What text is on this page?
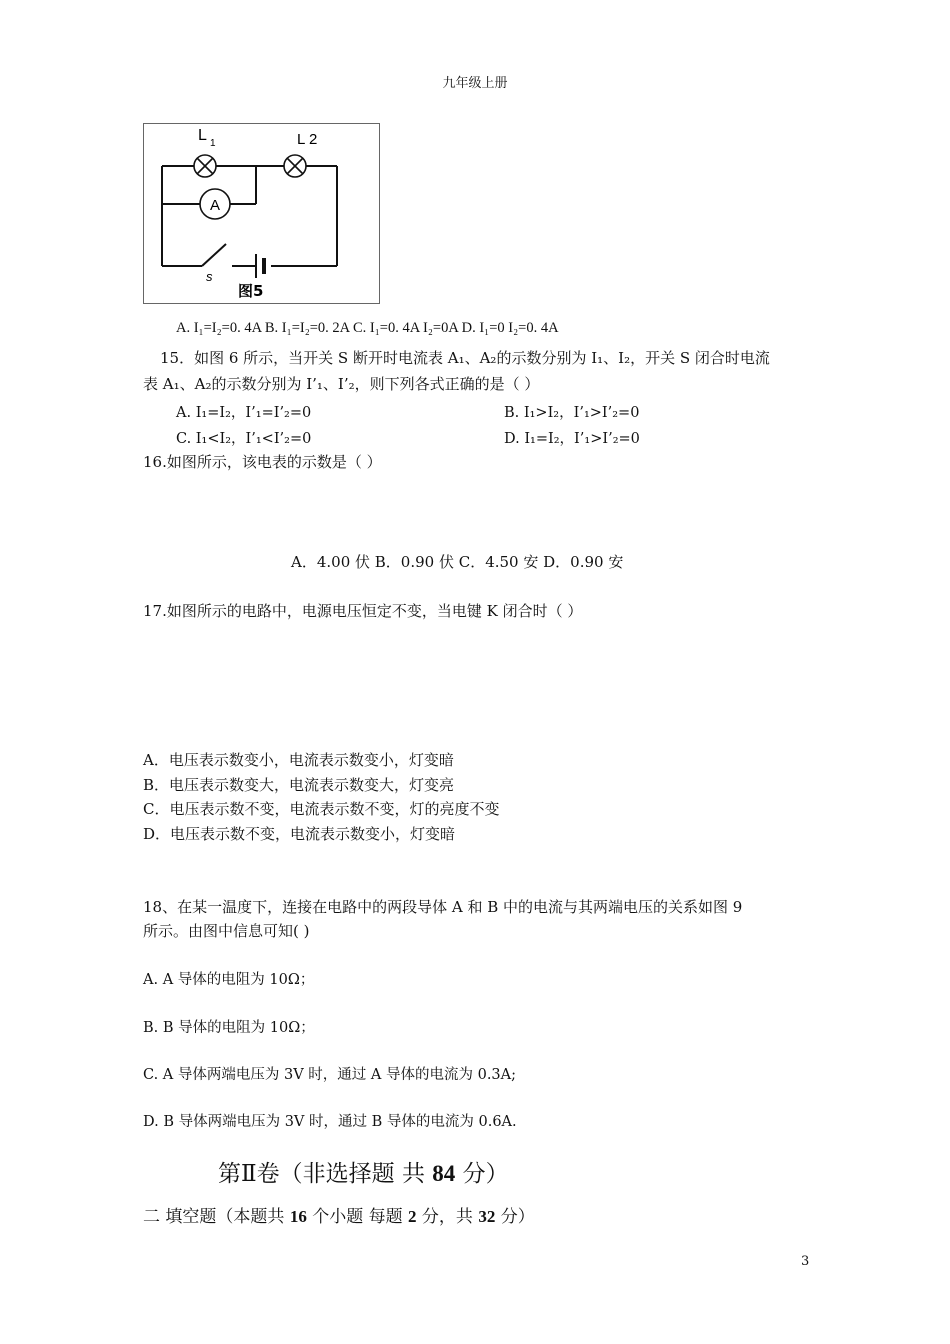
九年级上册
A
L 1	L 2
s
图5
A. I₁=I₂=0. 4A B. I₁=I₂=0. 2A C. I₁=0. 4A I₂=0A D. I₁=0 I₂=0. 4A
15．如图 6 所示，当开关 S 断开时电流表 A₁、A₂的示数分别为 I₁、I₂，开关 S 闭合时电流
表 A₁、A₂的示数分别为 I’₁、I’₂，则下列各式正确的是（ ）
A. I₁=I₂，I’₁=I’₂=0	B. I₁>I₂，I’₁>I’₂=0
C. I₁<I₂，I’₁<I’₂=0	D. I₁=I₂，I’₁>I’₂=0
16.如图所示，该电表的示数是（ ）
A．4.00 伏 B．0.90 伏 C．4.50 安 D．0.90 安
17.如图所示的电路中，电源电压恒定不变，当电键 K 闭合时（ ）
A．电压表示数变小，电流表示数变小，灯变暗
B．电压表示数变大，电流表示数变大，灯变亮
C．电压表示数不变，电流表示数不变，灯的亮度不变
D．电压表示数不变，电流表示数变小，灯变暗
18、在某一温度下，连接在电路中的两段导体 A 和 B 中的电流与其两端电压的关系如图 9
所示。由图中信息可知( )
A. A 导体的电阻为 10Ω；
B. B 导体的电阻为 10Ω；
C. A 导体两端电压为 3V 时，通过 A 导体的电流为 0.3A;
D. B 导体两端电压为 3V 时，通过 B 导体的电流为 0.6A.
第Ⅱ卷（非选择题 共 84 分）
二 填空题（本题共 16 个小题 每题 2 分，共 32 分）
3
